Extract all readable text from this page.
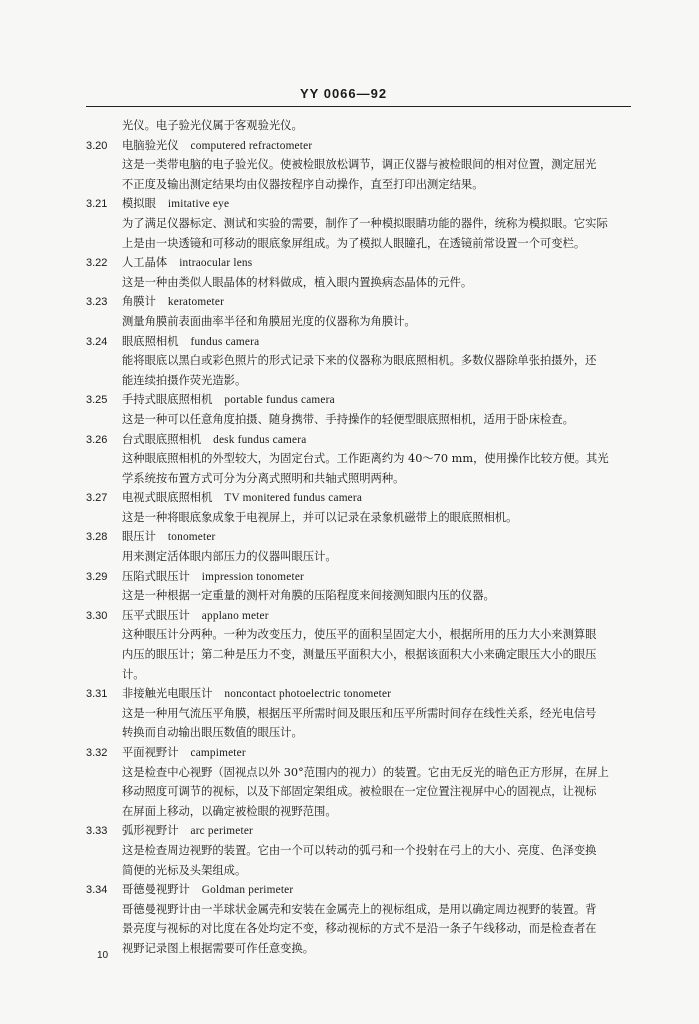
YY 0066—92
光仪。电子验光仪属于客观验光仪。
3.20 电脑验光仪 computered refractometer
这是一类带电脑的电子验光仪。使被检眼放松调节，调正仪器与被检眼间的相对位置，测定屈光
不正度及输出测定结果均由仪器按程序自动操作，直至打印出测定结果。
3.21 模拟眼 imitative eye
为了满足仪器标定、测试和实验的需要，制作了一种模拟眼睛功能的器件，统称为模拟眼。它实际
上是由一块透镜和可移动的眼底象屏组成。为了模拟人眼瞳孔，在透镜前常设置一个可变栏。
3.22 人工晶体 intraocular lens
这是一种由类似人眼晶体的材料做成，植入眼内置换病态晶体的元件。
3.23 角膜计 keratometer
测量角膜前表面曲率半径和角膜屈光度的仪器称为角膜计。
3.24 眼底照相机 fundus camera
能将眼底以黑白或彩色照片的形式记录下来的仪器称为眼底照相机。多数仪器除单张拍摄外，还
能连续拍摄作荧光造影。
3.25 手持式眼底照相机 portable fundus camera
这是一种可以任意角度拍摄、随身携带、手持操作的轻便型眼底照相机，适用于卧床检查。
3.26 台式眼底照相机 desk fundus camera
这种眼底照相机的外型较大，为固定台式。工作距离约为 40～70 mm，使用操作比较方便。其光
学系统按布置方式可分为分离式照明和共轴式照明两种。
3.27 电视式眼底照相机 TV monitered fundus camera
这是一种将眼底象成象于电视屏上，并可以记录在录象机磁带上的眼底照相机。
3.28 眼压计 tonometer
用来测定活体眼内部压力的仪器叫眼压计。
3.29 压陷式眼压计 impression tonometer
这是一种根据一定重量的测杆对角膜的压陷程度来间接测知眼内压的仪器。
3.30 压平式眼压计 applano meter
这种眼压计分两种。一种为改变压力，使压平的面积呈固定大小，根据所用的压力大小来测算眼
内压的眼压计；第二种是压力不变，测量压平面积大小，根据该面积大小来确定眼压大小的眼压
计。
3.31 非接触光电眼压计 noncontact photoelectric tonometer
这是一种用气流压平角膜，根据压平所需时间及眼压和压平所需时间存在线性关系，经光电信号
转换而自动输出眼压数值的眼压计。
3.32 平面视野计 campimeter
这是检查中心视野（固视点以外 30°范围内的视力）的装置。它由无反光的暗色正方形屏，在屏上
移动照度可调节的视标，以及下部固定架组成。被检眼在一定位置注视屏中心的固视点，让视标
在屏面上移动，以确定被检眼的视野范围。
3.33 弧形视野计 arc perimeter
这是检查周边视野的装置。它由一个可以转动的弧弓和一个投射在弓上的大小、亮度、色泽变换
简便的光标及头架组成。
3.34 哥德曼视野计 Goldman perimeter
哥德曼视野计由一半球状金属壳和安装在金属壳上的视标组成，是用以确定周边视野的装置。背
景亮度与视标的对比度在各处均定不变，移动视标的方式不是沿一条子午线移动，而是检查者在
视野记录图上根据需要可作任意变换。
10
